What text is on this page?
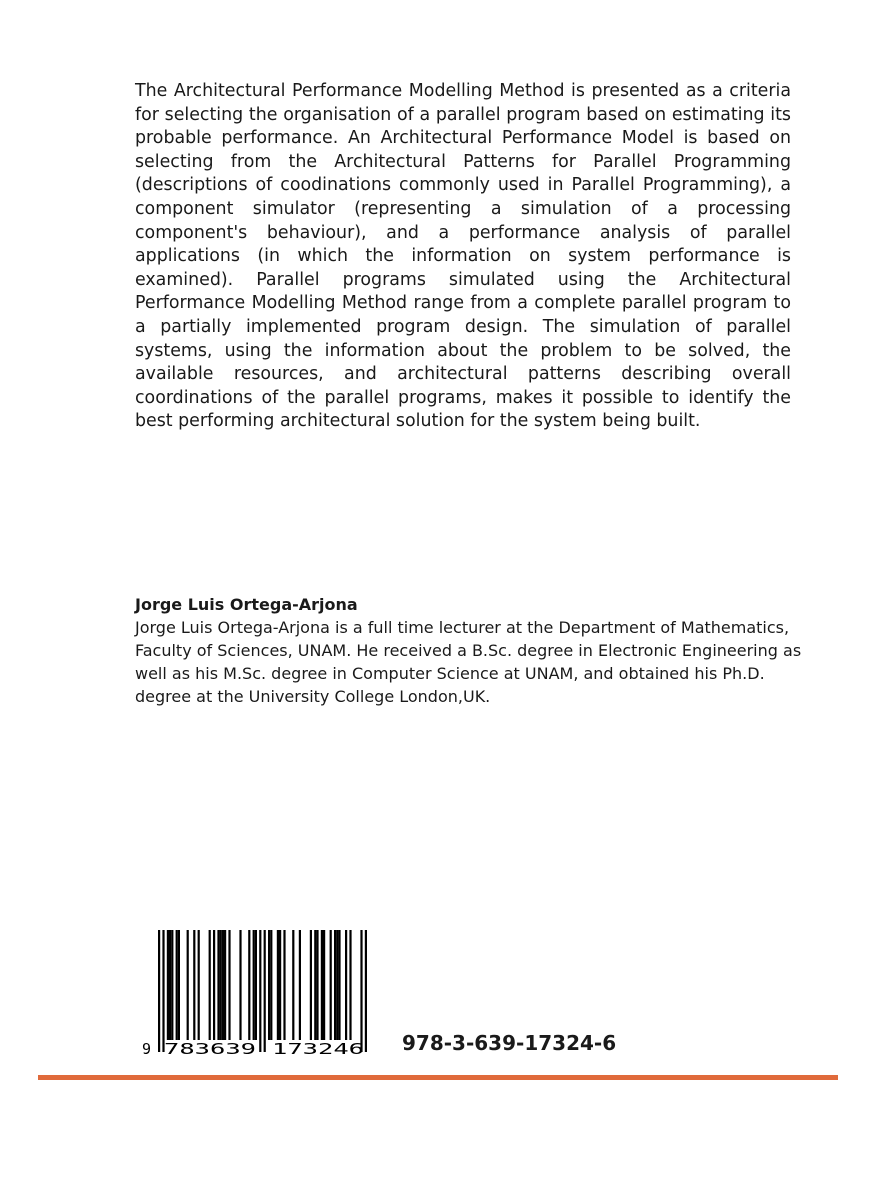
The Architectural Performance Modelling Method is presented as a criteria for selecting the organisation of a parallel program based on estimating its probable performance. An Architectural Performance Model is based on selecting from the Architectural Patterns for Parallel Programming (descriptions of coodinations commonly used in Parallel Programming), a component simulator (representing a simulation of a processing component's behaviour), and a performance analysis of parallel applications (in which the information on system performance is examined). Parallel programs simulated using the Architectural Performance Modelling Method range from a complete parallel program to a partially implemented program design. The simulation of parallel systems, using the information about the problem to be solved, the available resources, and architectural patterns describing overall coordinations of the parallel programs, makes it possible to identify the best performing architectural solution for the system being built.

Jorge Luis Ortega-Arjona

Jorge Luis Ortega-Arjona is a full time lecturer at the Department of Mathematics, Faculty of Sciences, UNAM. He received a B.Sc. degree in Electronic Engineering as well as his M.Sc. degree in Computer Science at UNAM, and obtained his Ph.D. degree at the University College London,UK.

9 783639 173246 978-3-639-17324-6
